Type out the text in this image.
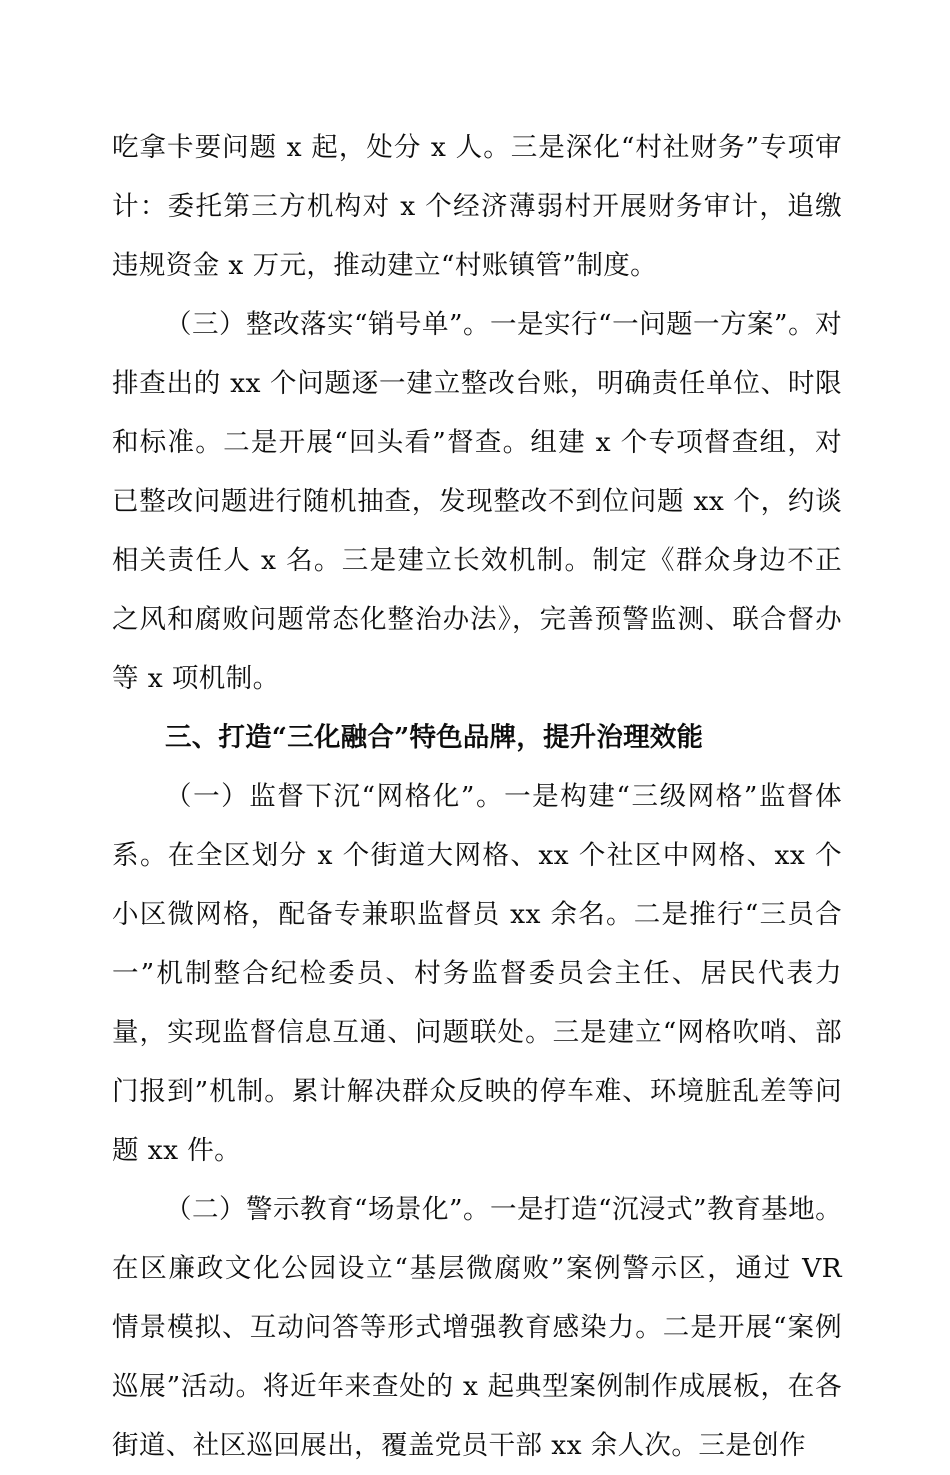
吃拿卡要问题 x 起，处分 x 人。三是深化“村社财务”专项审计：委托第三方机构对 x 个经济薄弱村开展财务审计，追缴违规资金 x 万元，推动建立“村账镇管”制度。

（三）整改落实“销号单”。一是实行“一问题一方案”。对排查出的 xx 个问题逐一建立整改台账，明确责任单位、时限和标准。二是开展“回头看”督查。组建 x 个专项督查组，对已整改问题进行随机抽查，发现整改不到位问题 xx 个，约谈相关责任人 x 名。三是建立长效机制。制定《群众身边不正之风和腐败问题常态化整治办法》，完善预警监测、联合督办等 x 项机制。

三、打造“三化融合”特色品牌，提升治理效能

（一）监督下沉“网格化”。一是构建“三级网格”监督体系。在全区划分 x 个街道大网格、xx 个社区中网格、xx 个小区微网格，配备专兼职监督员 xx 余名。二是推行“三员合一”机制整合纪检委员、村务监督委员会主任、居民代表力量，实现监督信息互通、问题联处。三是建立“网格吹哨、部门报到”机制。累计解决群众反映的停车难、环境脏乱差等问题 xx 件。

（二）警示教育“场景化”。一是打造“沉浸式”教育基地。在区廉政文化公园设立“基层微腐败”案例警示区，通过 VR 情景模拟、互动问答等形式增强教育感染力。二是开展“案例巡展”活动。将近年来查处的 x 起典型案例制作成展板，在各街道、社区巡回展出，覆盖党员干部 xx 余人次。三是创作
